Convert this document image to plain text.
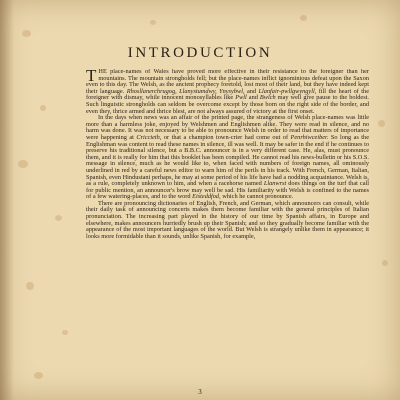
INTRODUCTION

THE place-names of Wales have proved more effective in their resistance to the foreigner than her mountains. The mountain strongholds fell; but the place-names inflict ignominious defeat upon the Saxon even to this day. The Welsh, as the ancient prophecy foretold, lost most of their land, but they have indeed kept their language. Rhosllanerchrugog, Llanystumdwy, Ynysybwl, and Llanfair-pwllgwyngyll, fill the heart of the foreigner with dismay, while innocent monosyllables like Pwll and Bwlch may well give pause to the boldest. Such linguistic strongholds can seldom be overcome except by those born on the right side of the border, and even they, thrice armed and thrice blest, are not always assured of victory at the first onset.

In the days when news was an affair of the printed page, the strangeness of Welsh place-names was little more than a harmless joke, enjoyed by Welshmen and Englishmen alike. They were read in silence, and no harm was done. It was not necessary to be able to pronounce Welsh in order to read that matters of importance were happening at Criccieth, or that a champion town-crier had come out of Penrhiwceiber. So long as the Englishman was content to read these names in silence, ill was well. It may be safer in the end if he continues to preserve his traditional silence, but a B.B.C. announcer is in a very different case. He, alas, must pronounce them, and it is really for him that this booklet has been compiled. He cannot read his news-bulletin or his S.O.S. message in silence, much as he would like to, when faced with numbers of foreign names, all ominously underlined in red by a careful news editor to warn him of the perils in his track. With French, German, Italian, Spanish, even Hindustani perhaps, he may at some period of his life have had a nodding acquaintance. Welsh is, as a rule, completely unknown to him, and when a racehorse named Llanwrst does things on the turf that call for public mention, an announcer's brow may well be sad. His familiarity with Welsh is confined to the names of a few watering-places, and to the word Eisteddfod, which he cannot pronounce.

There are pronouncing dictionaries of English, French, and German, which announcers can consult, while their daily task of announcing concerts makes them become familiar with the general principles of Italian pronunciation. The increasing part played in the history of our time by Spanish affairs, in Europe and elsewhere, makes announcers hurriedly brush up their Spanish; and so they gradually become familiar with the appearance of the most important languages of the world. But Welsh is strangely unlike them in appearance; it looks more formidable than it sounds, unlike Spanish, for example,

3
